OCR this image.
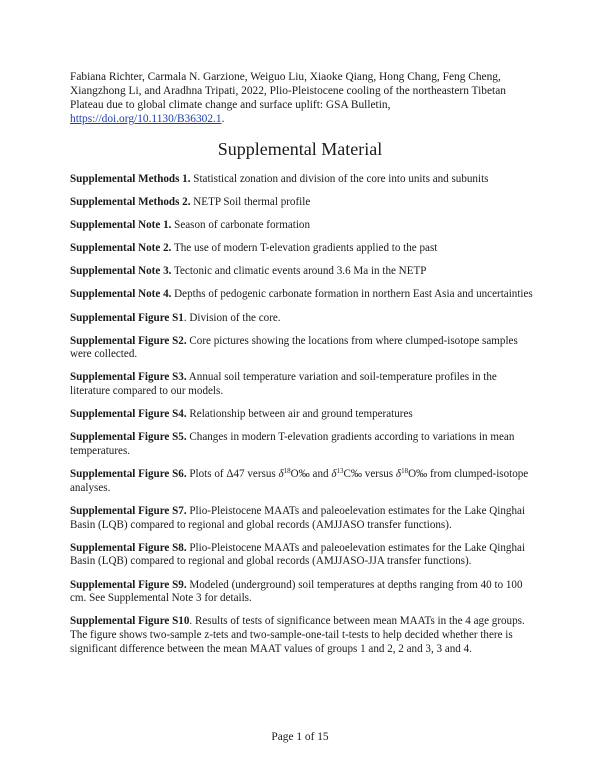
Fabiana Richter, Carmala N. Garzione, Weiguo Liu, Xiaoke Qiang, Hong Chang, Feng Cheng, Xiangzhong Li, and Aradhna Tripati, 2022, Plio-Pleistocene cooling of the northeastern Tibetan Plateau due to global climate change and surface uplift: GSA Bulletin, https://doi.org/10.1130/B36302.1.
Supplemental Material

Supplemental Methods 1. Statistical zonation and division of the core into units and subunits

Supplemental Methods 2. NETP Soil thermal profile

Supplemental Note 1. Season of carbonate formation

Supplemental Note 2. The use of modern T-elevation gradients applied to the past

Supplemental Note 3. Tectonic and climatic events around 3.6 Ma in the NETP

Supplemental Note 4. Depths of pedogenic carbonate formation in northern East Asia and uncertainties

Supplemental Figure S1. Division of the core.

Supplemental Figure S2. Core pictures showing the locations from where clumped-isotope samples were collected.

Supplemental Figure S3. Annual soil temperature variation and soil-temperature profiles in the literature compared to our models.

Supplemental Figure S4. Relationship between air and ground temperatures

Supplemental Figure S5. Changes in modern T-elevation gradients according to variations in mean temperatures.

Supplemental Figure S6. Plots of Δ47 versus $\delta^{18}O‰$ and $\delta^{13}C‰$ versus $\delta^{18}O‰$ from clumped-isotope analyses.

Supplemental Figure S7. Plio-Pleistocene MAATs and paleoelevation estimates for the Lake Qinghai Basin (LQB) compared to regional and global records (AMJJASO transfer functions).

Supplemental Figure S8. Plio-Pleistocene MAATs and paleoelevation estimates for the Lake Qinghai Basin (LQB) compared to regional and global records (AMJJASO-JJA transfer functions).

Supplemental Figure S9. Modeled (underground) soil temperatures at depths ranging from 40 to 100 cm. See Supplemental Note 3 for details.

Supplemental Figure S10. Results of tests of significance between mean MAATs in the 4 age groups. The figure shows two-sample z-tets and two-sample-one-tail t-tests to help decided whether there is significant difference between the mean MAAT values of groups 1 and 2, 2 and 3, 3 and 4.

Page 1 of 15
